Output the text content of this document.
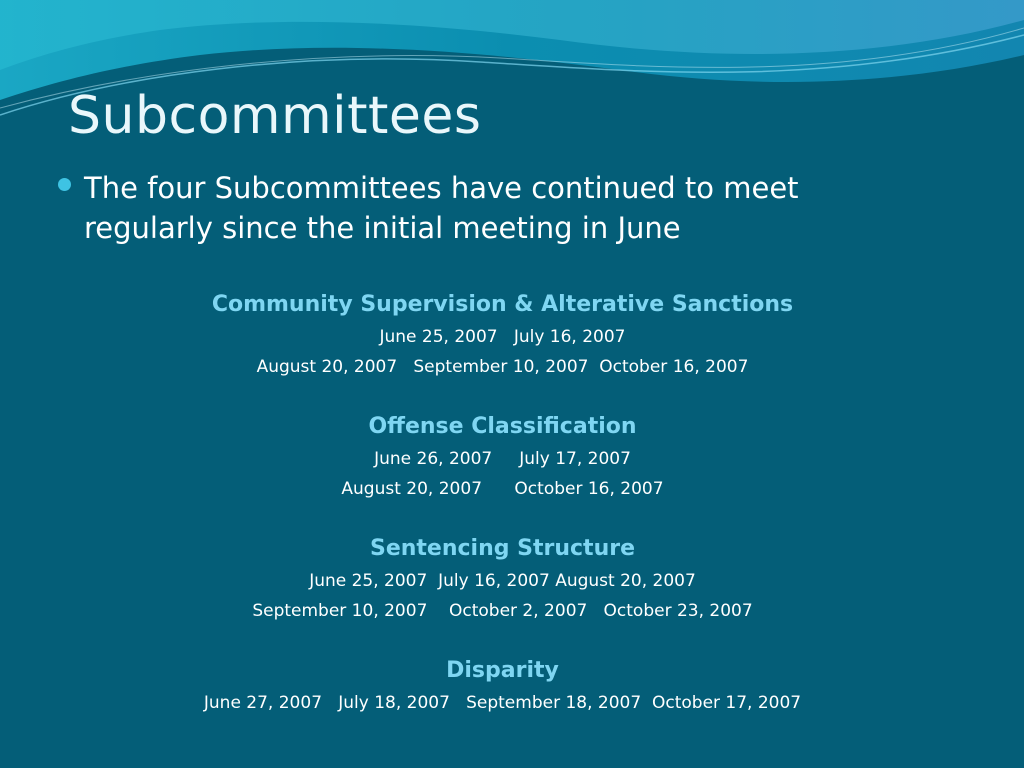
Subcommittees
The four Subcommittees have continued to meet regularly since the initial meeting in June
Community Supervision & Alterative Sanctions
June 25, 2007   July 16, 2007
August 20, 2007   September 10, 2007  October 16, 2007
Offense Classification
June 26, 2007     July 17, 2007
August 20, 2007      October 16, 2007
Sentencing Structure
June 25, 2007  July 16, 2007 August 20, 2007
September 10, 2007    October 2, 2007   October 23, 2007
Disparity
June 27, 2007   July 18, 2007   September 18, 2007  October 17, 2007
